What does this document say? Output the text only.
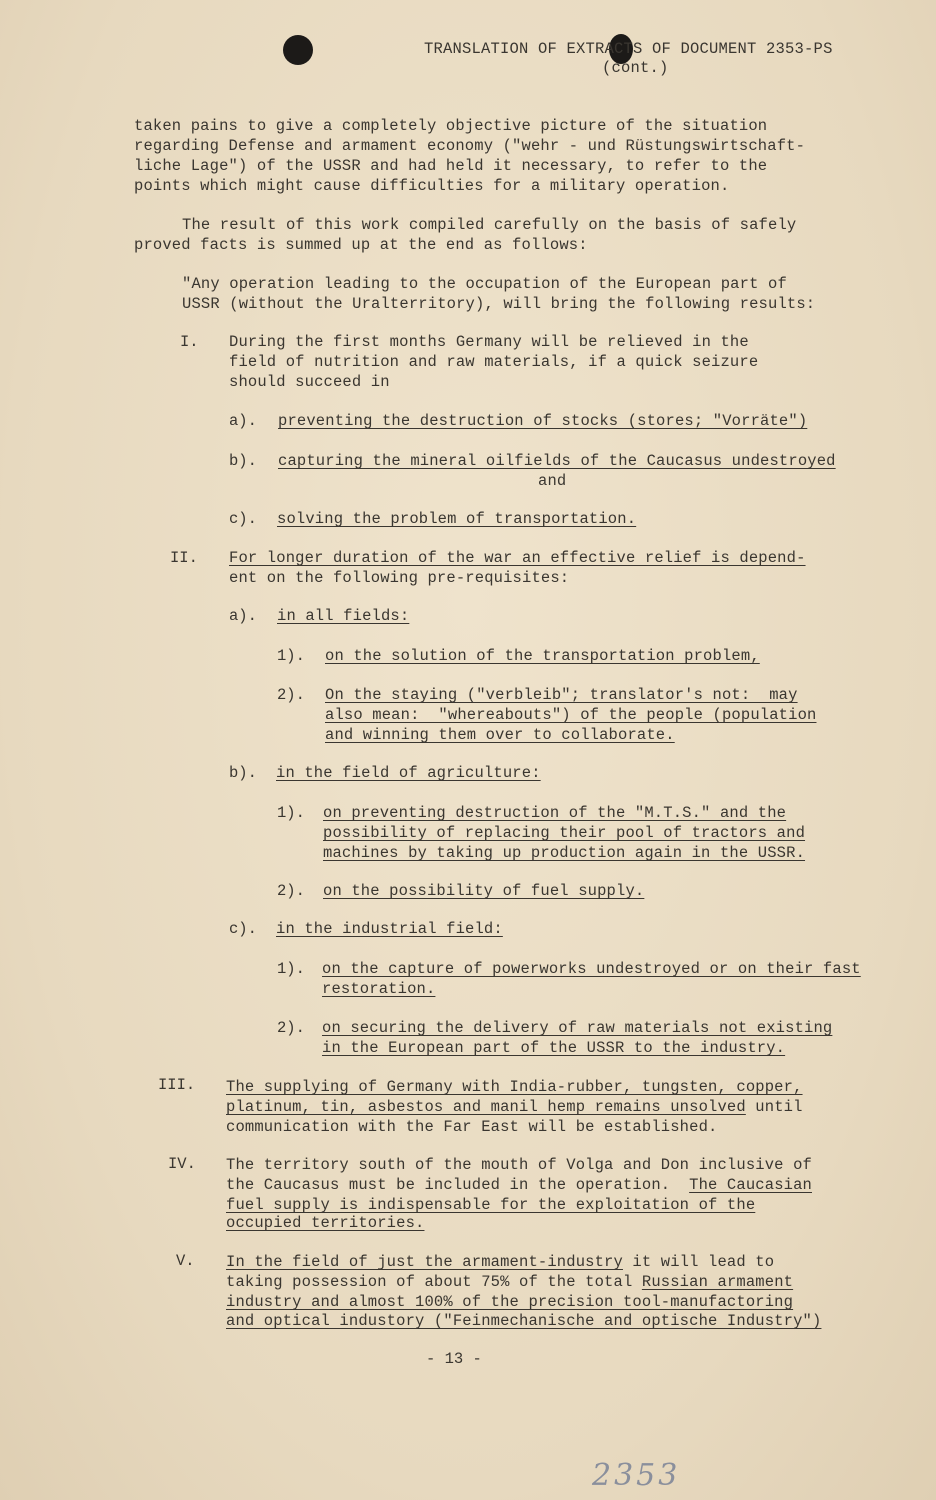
TRANSLATION OF EXTRACTS OF DOCUMENT 2353-PS
(cont.)
taken pains to give a completely objective picture of the situation
regarding Defense and armament economy ("wehr - und Rüstungswirtschaft-
liche Lage") of the USSR and had held it necessary, to refer to the
points which might cause difficulties for a military operation.
The result of this work compiled carefully on the basis of safely
proved facts is summed up at the end as follows:
"Any operation leading to the occupation of the European part of
USSR (without the Uralterritory), will bring the following results:
I. During the first months Germany will be relieved in the
field of nutrition and raw materials, if a quick seizure
should succeed in
a). preventing the destruction of stocks (stores; "Vorräte")
b). capturing the mineral oilfields of the Caucasus undestroyed
and
c). solving the problem of transportation.
II. For longer duration of the war an effective relief is depend-
ent on the following pre-requisites:
a). in all fields:
1). on the solution of the transportation problem,
2). On the staying ("verbleib"; translator's not:  may
also mean:  "whereabouts") of the people (population
and winning them over to collaborate.
b). in the field of agriculture:
1). on preventing destruction of the "M.T.S." and the
possibility of replacing their pool of tractors and
machines by taking up production again in the USSR.
2). on the possibility of fuel supply.
c). in the industrial field:
1). on the capture of powerworks undestroyed or on their fast
restoration.
2). on securing the delivery of raw materials not existing
in the European part of the USSR to the industry.
III. The supplying of Germany with India-rubber, tungsten, copper,
platinum, tin, asbestos and manil hemp remains unsolved until
communication with the Far East will be established.
IV. The territory south of the mouth of Volga and Don inclusive of
the Caucasus must be included in the operation.  The Caucasian
fuel supply is indispensable for the exploitation of the
occupied territories.
V. In the field of just the armament-industry it will lead to
taking possession of about 75% of the total Russian armament
industry and almost 100% of the precision tool-manufactoring
and optical industory ("Feinmechanische and optische Industry")
- 13 -
2353
